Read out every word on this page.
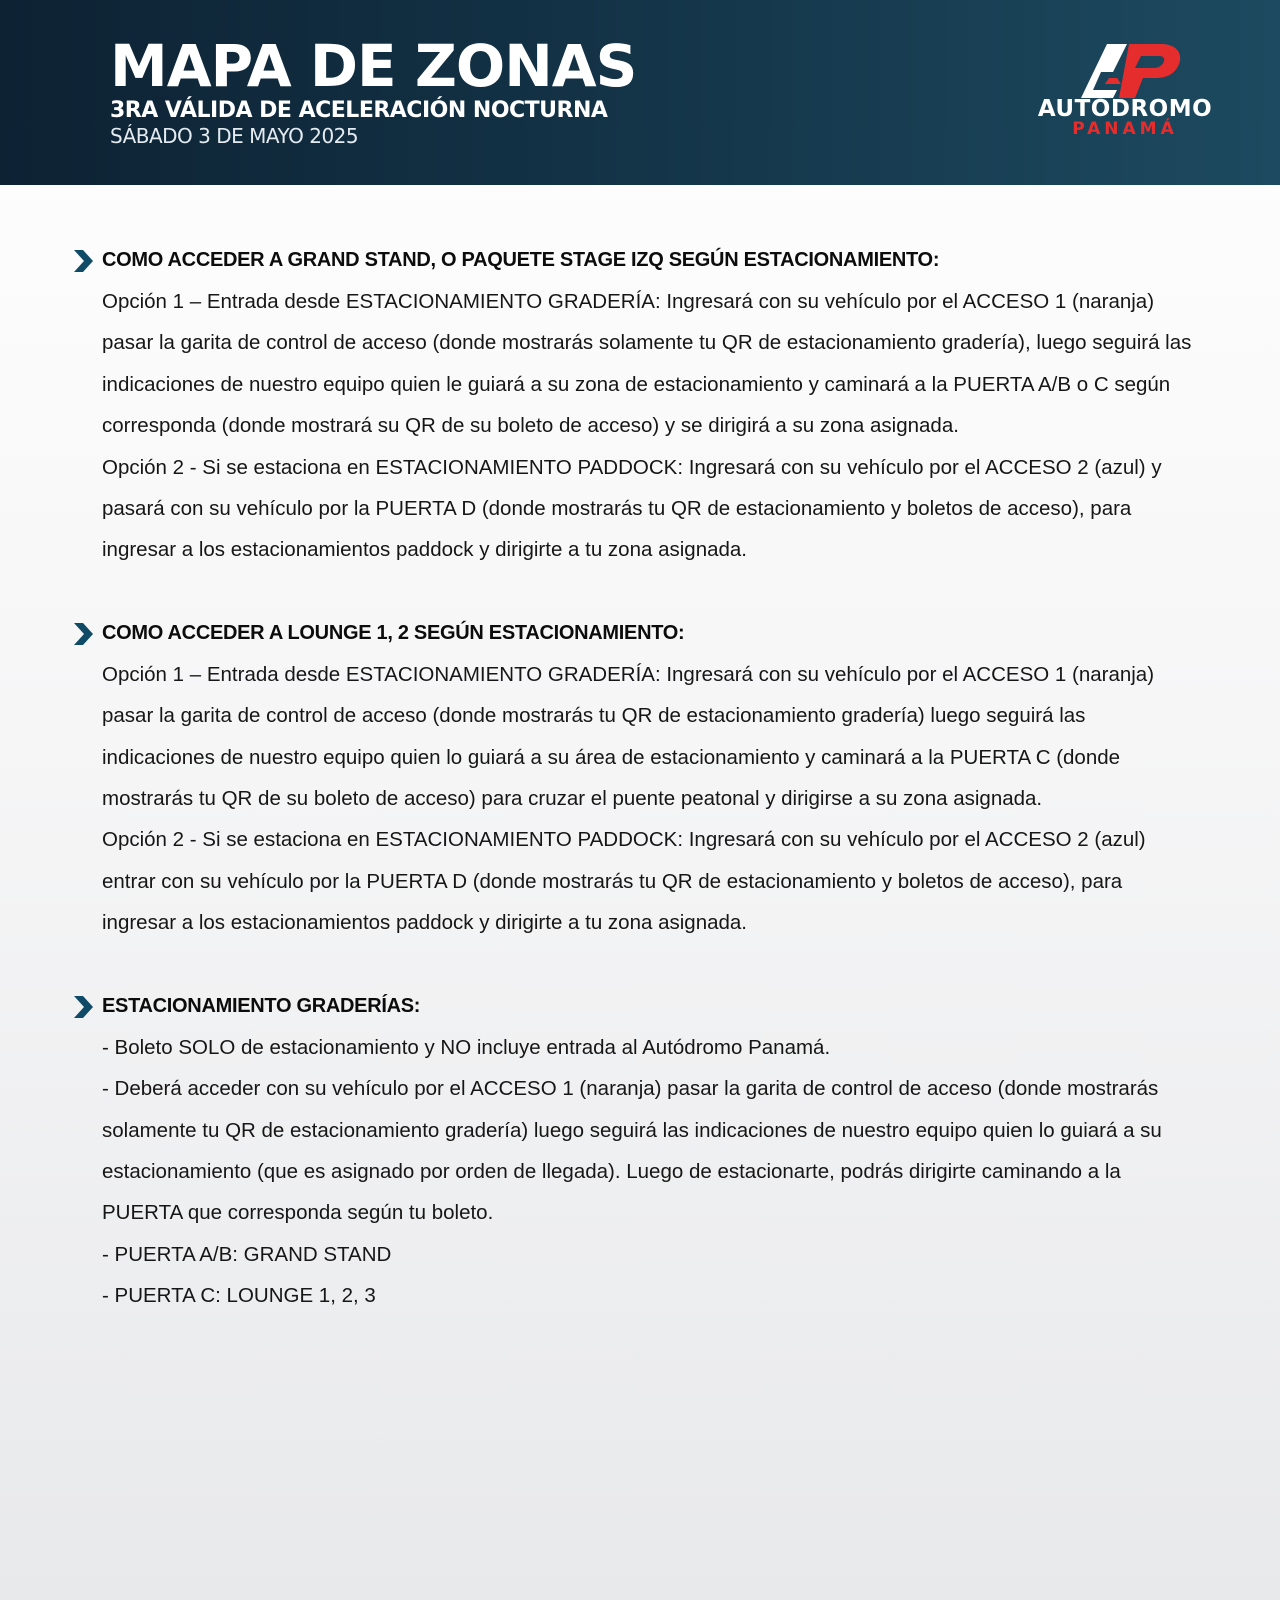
MAPA DE ZONAS
3RA VÁLIDA DE ACELERACIÓN NOCTURNA
SÁBADO 3 DE MAYO 2025
AUTÓDROMO
PANAMÁ
COMO ACCEDER A GRAND STAND, O PAQUETE STAGE IZQ SEGÚN ESTACIONAMIENTO:

Opción 1 – Entrada desde ESTACIONAMIENTO GRADERÍA: Ingresará con su vehículo por el ACCESO 1 (naranja) pasar la garita de control de acceso (donde mostrarás solamente tu QR de estacionamiento gradería), luego seguirá las indicaciones de nuestro equipo quien le guiará a su zona de estacionamiento y caminará a la PUERTA A/B o C según corresponda (donde mostrará su QR de su boleto de acceso) y se dirigirá a su zona asignada.

Opción 2 - Si se estaciona en ESTACIONAMIENTO PADDOCK: Ingresará con su vehículo por el ACCESO 2 (azul) y pasará con su vehículo por la PUERTA D (donde mostrarás tu QR de estacionamiento y boletos de acceso), para ingresar a los estacionamientos paddock y dirigirte a tu zona asignada.

COMO ACCEDER A LOUNGE 1, 2 SEGÚN ESTACIONAMIENTO:

Opción 1 – Entrada desde ESTACIONAMIENTO GRADERÍA: Ingresará con su vehículo por el ACCESO 1 (naranja) pasar la garita de control de acceso (donde mostrarás tu QR de estacionamiento gradería) luego seguirá las indicaciones de nuestro equipo quien lo guiará a su área de estacionamiento y caminará a la PUERTA C (donde mostrarás tu QR de su boleto de acceso) para cruzar el puente peatonal y dirigirse a su zona asignada.

Opción 2 - Si se estaciona en ESTACIONAMIENTO PADDOCK: Ingresará con su vehículo por el ACCESO 2 (azul) entrar con su vehículo por la PUERTA D (donde mostrarás tu QR de estacionamiento y boletos de acceso), para ingresar a los estacionamientos paddock y dirigirte a tu zona asignada.

ESTACIONAMIENTO GRADERÍAS:

- Boleto SOLO de estacionamiento y NO incluye entrada al Autódromo Panamá.

- Deberá acceder con su vehículo por el ACCESO 1 (naranja) pasar la garita de control de acceso (donde mostrarás solamente tu QR de estacionamiento gradería) luego seguirá las indicaciones de nuestro equipo quien lo guiará a su estacionamiento (que es asignado por orden de llegada). Luego de estacionarte, podrás dirigirte caminando a la PUERTA que corresponda según tu boleto.

- PUERTA A/B: GRAND STAND

- PUERTA C: LOUNGE 1, 2, 3
